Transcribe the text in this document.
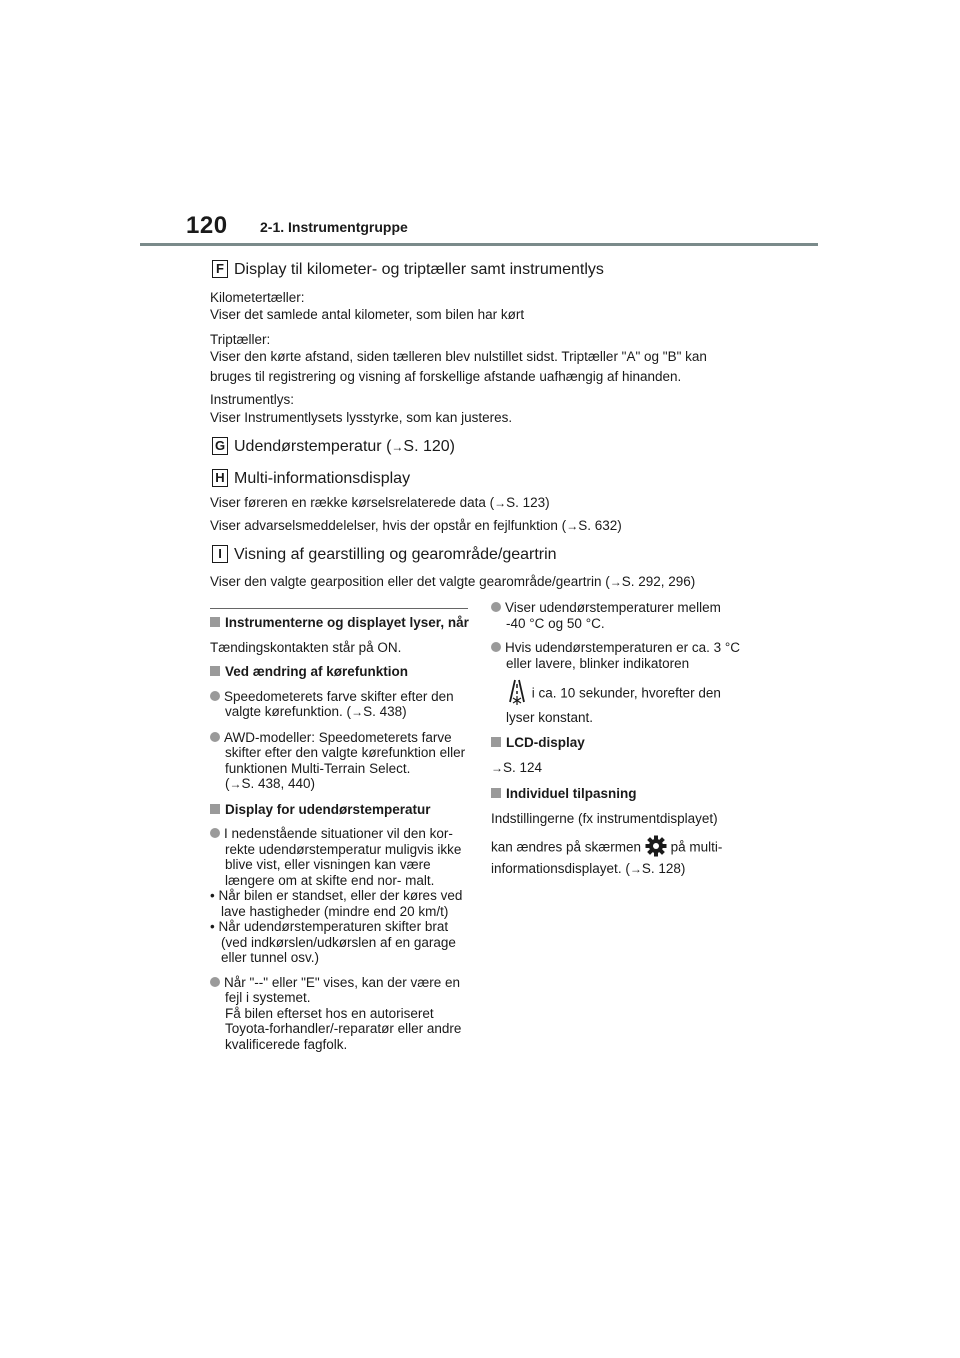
120 2-1. Instrumentgruppe
F Display til kilometer- og triptæller samt instrumentlys
Kilometertæller:
Viser det samlede antal kilometer, som bilen har kørt
Triptæller:
Viser den kørte afstand, siden tælleren blev nulstillet sidst. Triptæller "A" og "B" kan
bruges til registrering og visning af forskellige afstande uafhængig af hinanden.
Instrumentlys:
Viser Instrumentlysets lysstyrke, som kan justeres.
G Udendørstemperatur (→S. 120)
H Multi-informationsdisplay
Viser føreren en række kørselsrelaterede data (→S. 123)
Viser advarselsmeddelelser, hvis der opstår en fejlfunktion (→S. 632)
I Visning af gearstilling og gearområde/geartrin
Viser den valgte gearposition eller det valgte gearområde/geartrin (→S. 292, 296)
Instrumenterne og displayet lyser, når
Tændingskontakten står på ON.
Ved ændring af kørefunktion
Speedometerets farve skifter efter den valgte kørefunktion. (→S. 438)
AWD-modeller: Speedometerets farve skifter efter den valgte kørefunktion eller funktionen Multi-Terrain Select.
(→S. 438, 440)
Display for udendørstemperatur
I nedenstående situationer vil den kor- rekte udendørstemperatur muligvis ikke blive vist, eller visningen kan være længere om at skifte end nor- malt.
• Når bilen er standset, eller der køres ved lave hastigheder (mindre end 20 km/t)
• Når udendørstemperaturen skifter brat (ved indkørslen/udkørslen af en garage eller tunnel osv.)
Når "--" eller "E" vises, kan der være en fejl i systemet.
Få bilen efterset hos en autoriseret Toyota-forhandler/-reparatør eller andre kvalificerede fagfolk.
Viser udendørstemperaturer mellem -40 °C og 50 °C.
Hvis udendørstemperaturen er ca. 3 °C eller lavere, blinker indikatoren
i ca. 10 sekunder, hvorefter den lyser konstant.
LCD-display
→S. 124
Individuel tilpasning
Indstillingerne (fx instrumentdisplayet)
kan ændres på skærmen  på multi-
informationsdisplayet. (→S. 128)
